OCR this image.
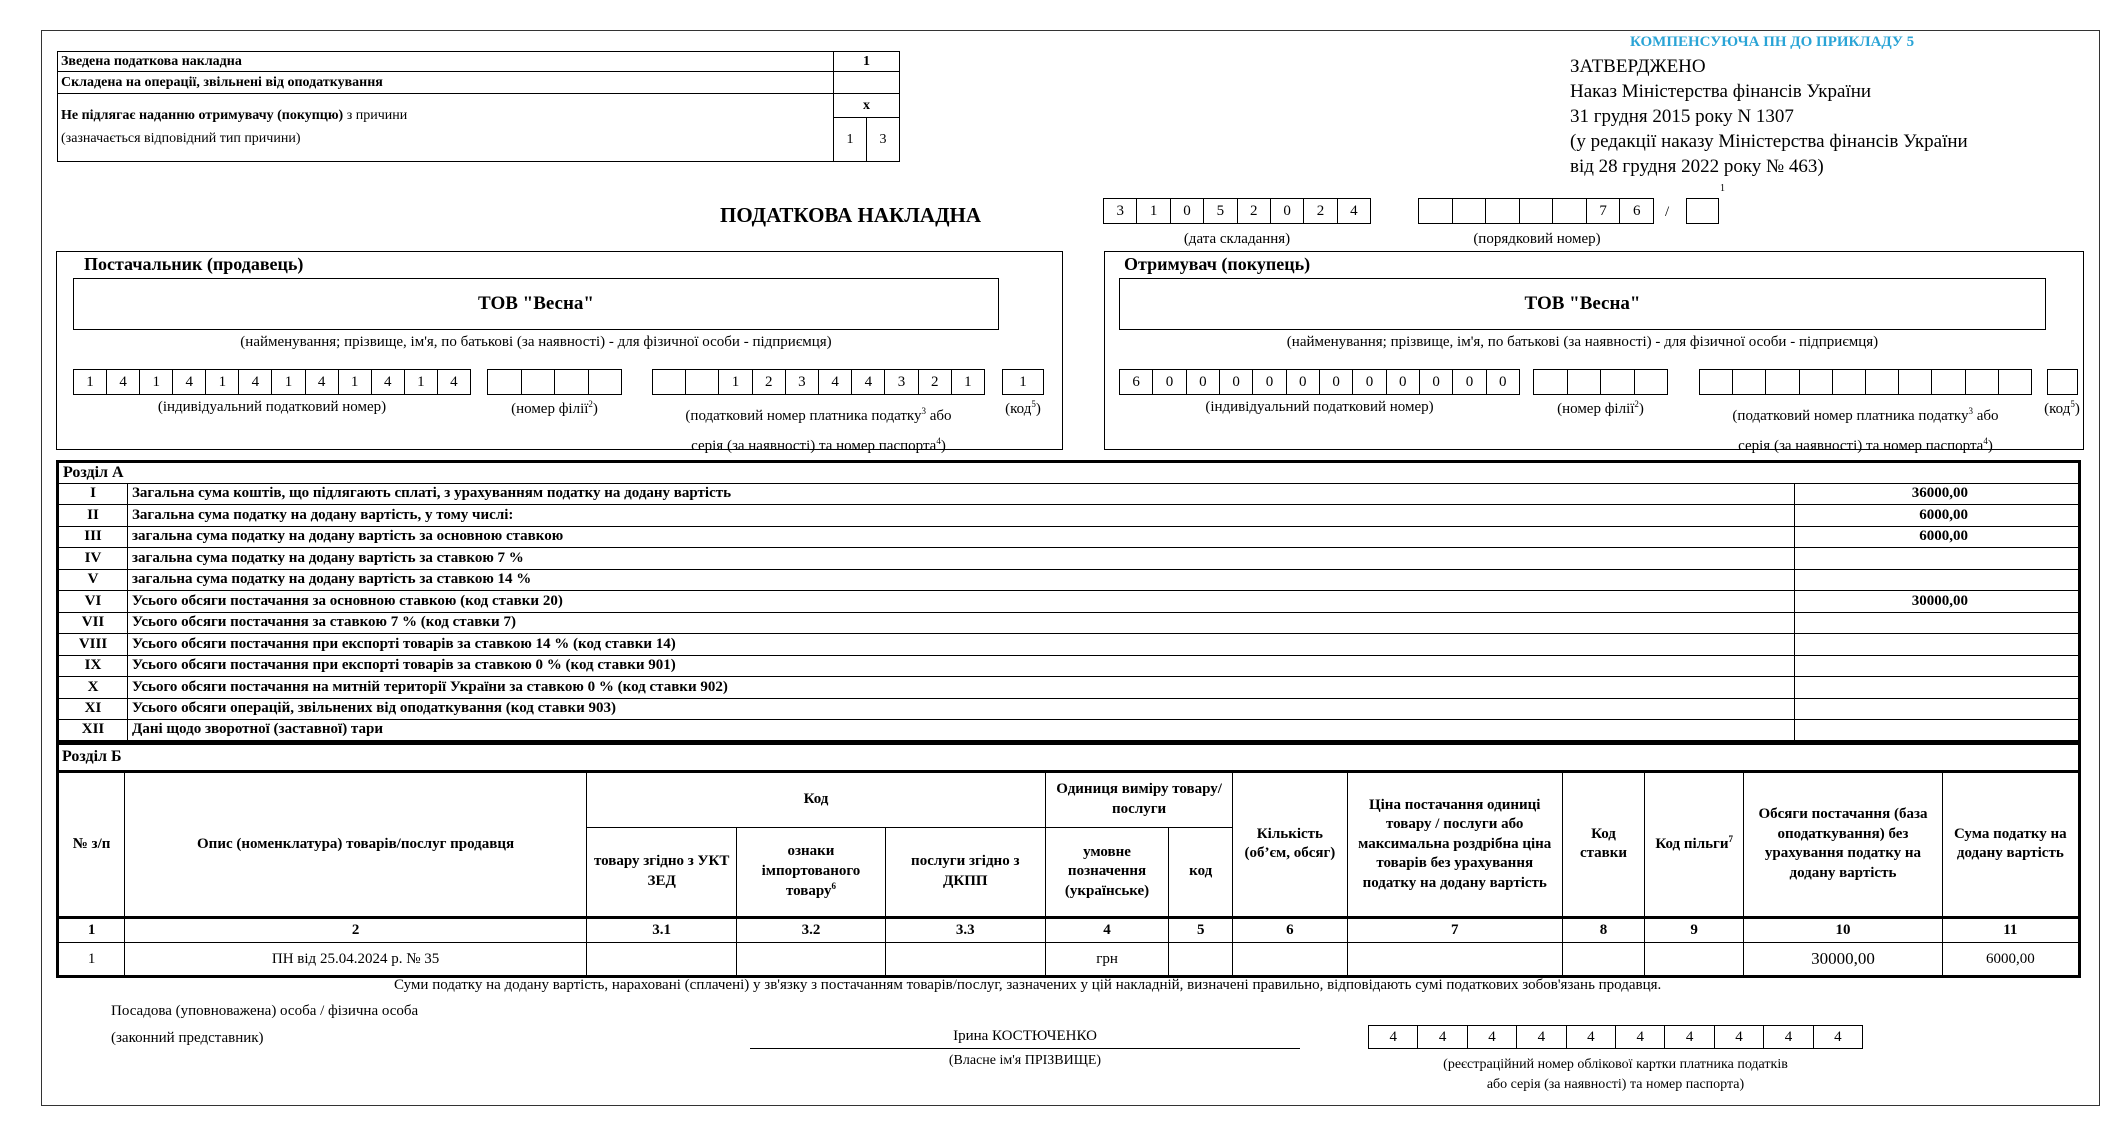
Зведена податкова накладна	1	
Складена на операції, звільнені від оподаткування		
Не підлягає наданню отримувачу (покупцю) з причини
(зазначається відповідний тип причини)	x	
	1	3
КОМПЕНСУЮЧА ПН ДО ПРИКЛАДУ 5
ЗАТВЕРДЖЕНО
Наказ Міністерства фінансів України
31 грудня 2015 року N 1307
(у редакції наказу Міністерства фінансів України
від 28 грудня 2022 року № 463)
ПОДАТКОВА НАКЛАДНА	3	1	0	5	2	0	2	4
(дата складання)
7	6	/
1
(порядковий номер)
Постачальник (продавець)
ТОВ "Весна"
(найменування; прізвище, ім'я, по батькові (за наявності) - для фізичної особи - підприємця)
1	4	1	4	1	4	1	4	1	4	1	4
(індивідуальний податковий номер)	(номер філії$^2$)
1	2	3	4	4	3	2	1
(податковий номер платника податку$^3$ або
серія (за наявності) та номер паспорта$^4$)
1
(код$^5$)
Отримувач (покупець)
ТОВ "Весна"
(найменування; прізвище, ім'я, по батькові (за наявності) - для фізичної особи - підприємця)
6	0	0	0	0	0	0	0	0	0	0	0
(індивідуальний податковий номер)	(номер філії$^2$)	(податковий номер платника податку$^3$ або
серія (за наявності) та номер паспорта$^4$)
(код$^5$)
Розділ А		
I	Загальна сума коштів, що підлягають сплаті, з урахуванням податку на додану вартість	36000,00
II	Загальна сума податку на додану вартість, у тому числі:	6000,00
III	загальна сума податку на додану вартість за основною ставкою	6000,00
IV	загальна сума податку на додану вартість за ставкою 7 %	
V	загальна сума податку на додану вартість за ставкою 14 %	
VI	Усього обсяги постачання за основною ставкою (код ставки 20)	30000,00
VII	Усього обсяги постачання за ставкою 7 % (код ставки 7)	
VIII	Усього обсяги постачання при експорті товарів за ставкою 14 % (код ставки 14)	
IX	Усього обсяги постачання при експорті товарів за ставкою 0 % (код ставки 901)	
X	Усього обсяги постачання на митній території України за ставкою 0 % (код ставки 902)	
XI	Усього обсяги операцій, звільнених від оподаткування (код ставки 903)	
XII	Дані щодо зворотної (заставної) тари	
Розділ Б												
№ з/п	Опис (номенклатура) товарів/послуг продавця	Код			Одиниця виміру товару/послуги		Кількість (об’єм, обсяг)	Ціна постачання одиниці товару / послуги або максимальна роздрібна ціна товарів без урахування податку на додану вартість	Код ставки	Код пільги$^7$	Обсяги постачання (база оподаткування) без урахування податку на додану вартість	Сума податку на додану вартість
		товару згідно з УКТ ЗЕД	ознаки імпортованого товару$^6$	послуги згідно з ДКПП	умовне позначення (українське)	код						
1	2	3.1	3.2	3.3	4	5	6	7	8	9	10	11
1	ПН від 25.04.2024 р. № 35				грн						30000,00	6000,00
Суми податку на додану вартість, нараховані (сплачені) у зв'язку з постачанням товарів/послуг, зазначених у цій накладній, визначені правильно, відповідають сумі податкових зобов'язань продавця.
Посадова (уповноважена) особа / фізична особа
(законний представник)	Ірина КОСТЮЧЕНКО
(Власне ім'я ПРІЗВИЩЕ)
4	4	4	4	4	4	4	4	4	4
(реєстраційний номер облікової картки платника податків
або серія (за наявності) та номер паспорта)
